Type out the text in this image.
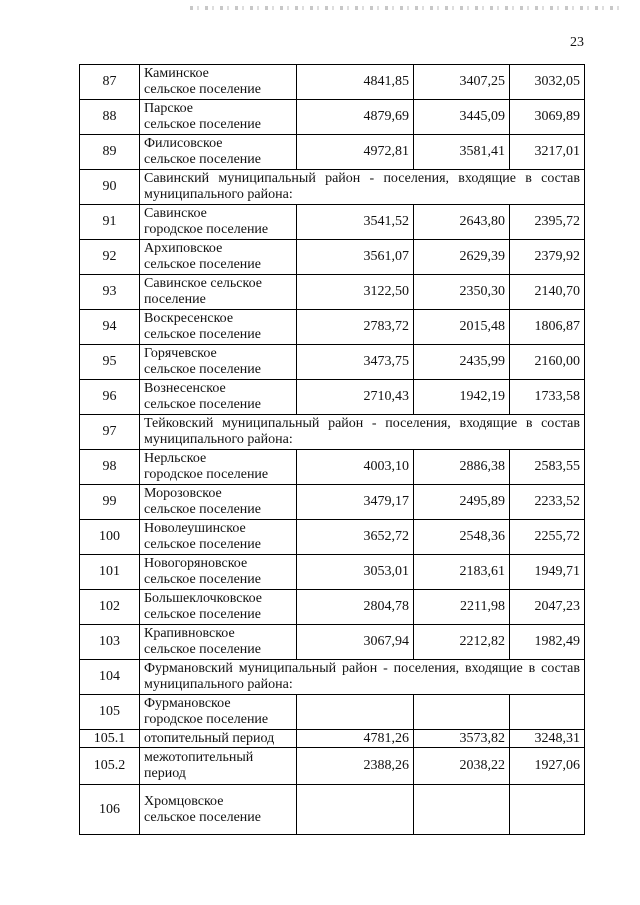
23
87	Каминское
сельское поселение	4841,85	3407,25	3032,05
88	Парское
сельское поселение	4879,69	3445,09	3069,89
89	Филисовское
сельское поселение	4972,81	3581,41	3217,01
90	Савинский муниципальный район - поселения, входящие в состав муниципального района:			
91	Савинское
городское поселение	3541,52	2643,80	2395,72
92	Архиповское
сельское поселение	3561,07	2629,39	2379,92
93	Савинское сельское
поселение	3122,50	2350,30	2140,70
94	Воскресенское
сельское поселение	2783,72	2015,48	1806,87
95	Горячевское
сельское поселение	3473,75	2435,99	2160,00
96	Вознесенское
сельское поселение	2710,43	1942,19	1733,58
97	Тейковский муниципальный район - поселения, входящие в состав муниципального района:			
98	Нерльское
городское поселение	4003,10	2886,38	2583,55
99	Морозовское
сельское поселение	3479,17	2495,89	2233,52
100	Новолеушинское
сельское поселение	3652,72	2548,36	2255,72
101	Новогоряновское
сельское поселение	3053,01	2183,61	1949,71
102	Большеклочковское
сельское поселение	2804,78	2211,98	2047,23
103	Крапивновское
сельское поселение	3067,94	2212,82	1982,49
104	Фурмановский муниципальный район - поселения, входящие в состав муниципального района:			
105	Фурмановское
городское поселение			

105.1	отопительный период	4781,26	3573,82	3248,31
105.2	межотопительный
период	2388,26	2038,22	1927,06
106	Хромцовское
сельское поселение			
